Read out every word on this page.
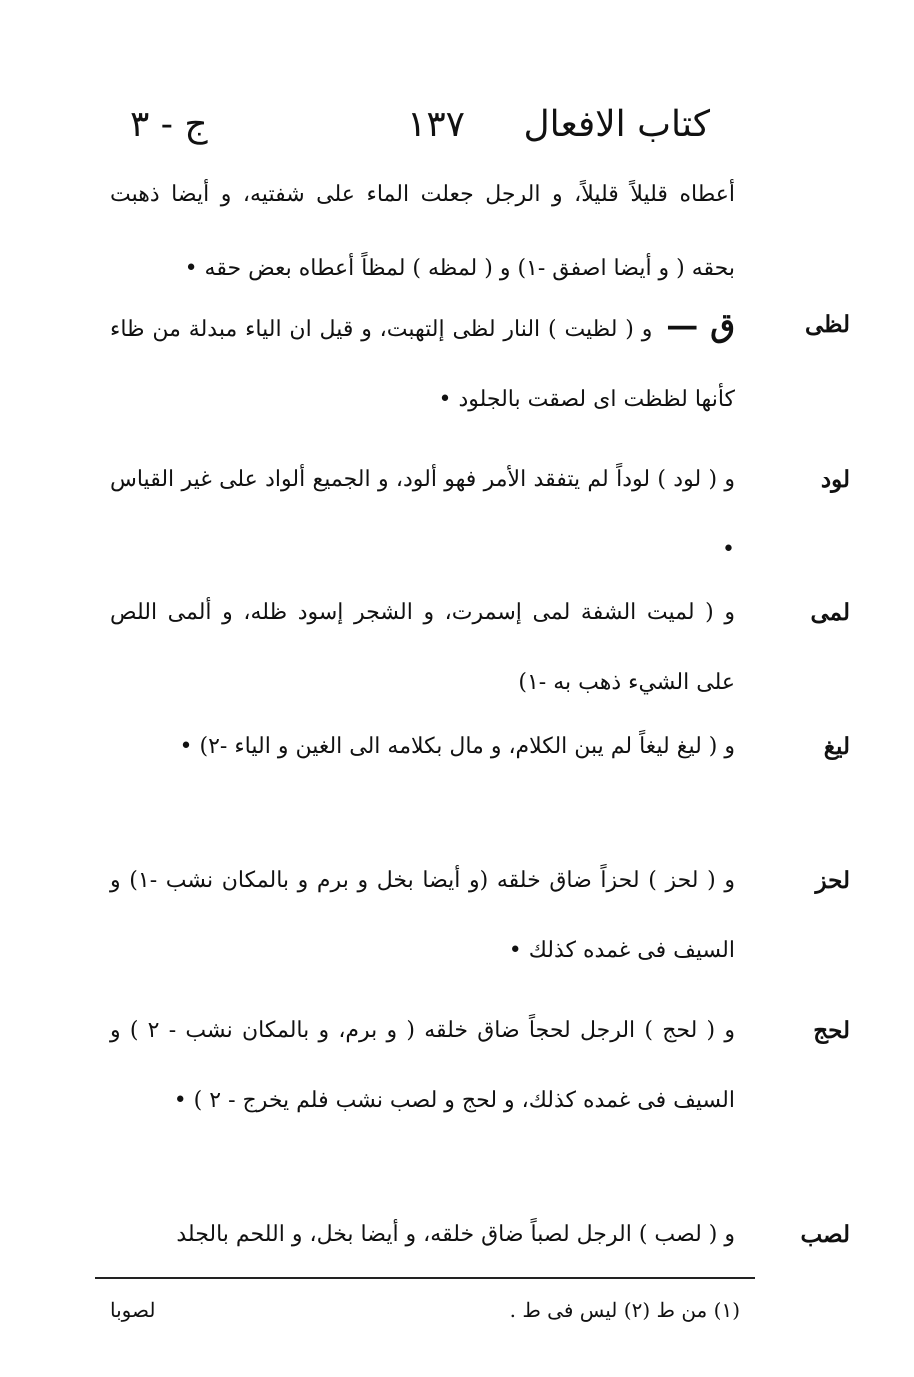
كتاب الافعال
١٣٧
ج - ٣
أعطاه قليلاً قليلاً، و الرجل جعلت الماء على شفتيه، و أيضا ذهبت بحقه ( و أيضا اصفق -١) و ( لمظه ) لمظاً أعطاه بعض حقه •
لظى
ق — و ( لظيت ) النار لظى إلتهبت، و قيل ان الياء مبدلة من ظاء كأنها لظظت اى لصقت بالجلود •
لود
و ( لود ) لوداً لم يتفقد الأمر فهو ألود، و الجميع ألواد على غير القياس •
لمى
و ( لميت الشفة لمى إسمرت، و الشجر إسود ظله، و ألمى اللص على الشيء ذهب به -١)
ليغ
و ( ليغ ليغاً لم يبن الكلام، و مال بكلامه الى الغين و الياء -٢) •
لحز
و ( لحز ) لحزاً ضاق خلقه (و أيضا بخل و برم و بالمكان نشب -١) و السيف فى غمده كذلك •
لحج
و ( لحج ) الرجل لحجاً ضاق خلقه ( و برم، و بالمكان نشب - ٢ ) و السيف فى غمده كذلك، و لحج و لصب نشب فلم يخرج - ٢ ) •
لصب
و ( لصب ) الرجل لصباً ضاق خلقه، و أيضا بخل، و اللحم بالجلد
(١) من ط (٢) ليس فى ط .
لصوبا
